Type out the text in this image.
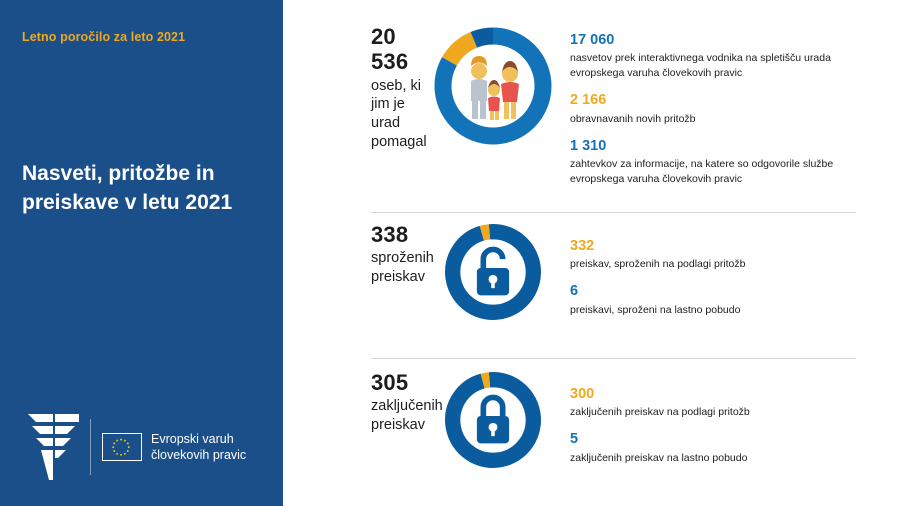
Letno poročilo za leto 2021
Nasveti, pritožbe in preiskave v letu 2021
Evropski varuh
človekovih pravic
20 536
oseb, ki jim je urad pomagal
17 060
nasvetov prek interaktivnega vodnika na spletišču urada evropskega varuha človekovih pravic
2 166
obravnavanih novih pritožb
1 310
zahtevkov za informacije, na katere so odgovorile službe evropskega varuha človekovih pravic
338
sproženih preiskav
332
preiskav, sproženih na podlagi pritožb
6
preiskavi, sproženi na lastno pobudo
305
zaključenih preiskav
300
zaključenih preiskav na podlagi pritožb
5
zaključenih preiskav na lastno pobudo
